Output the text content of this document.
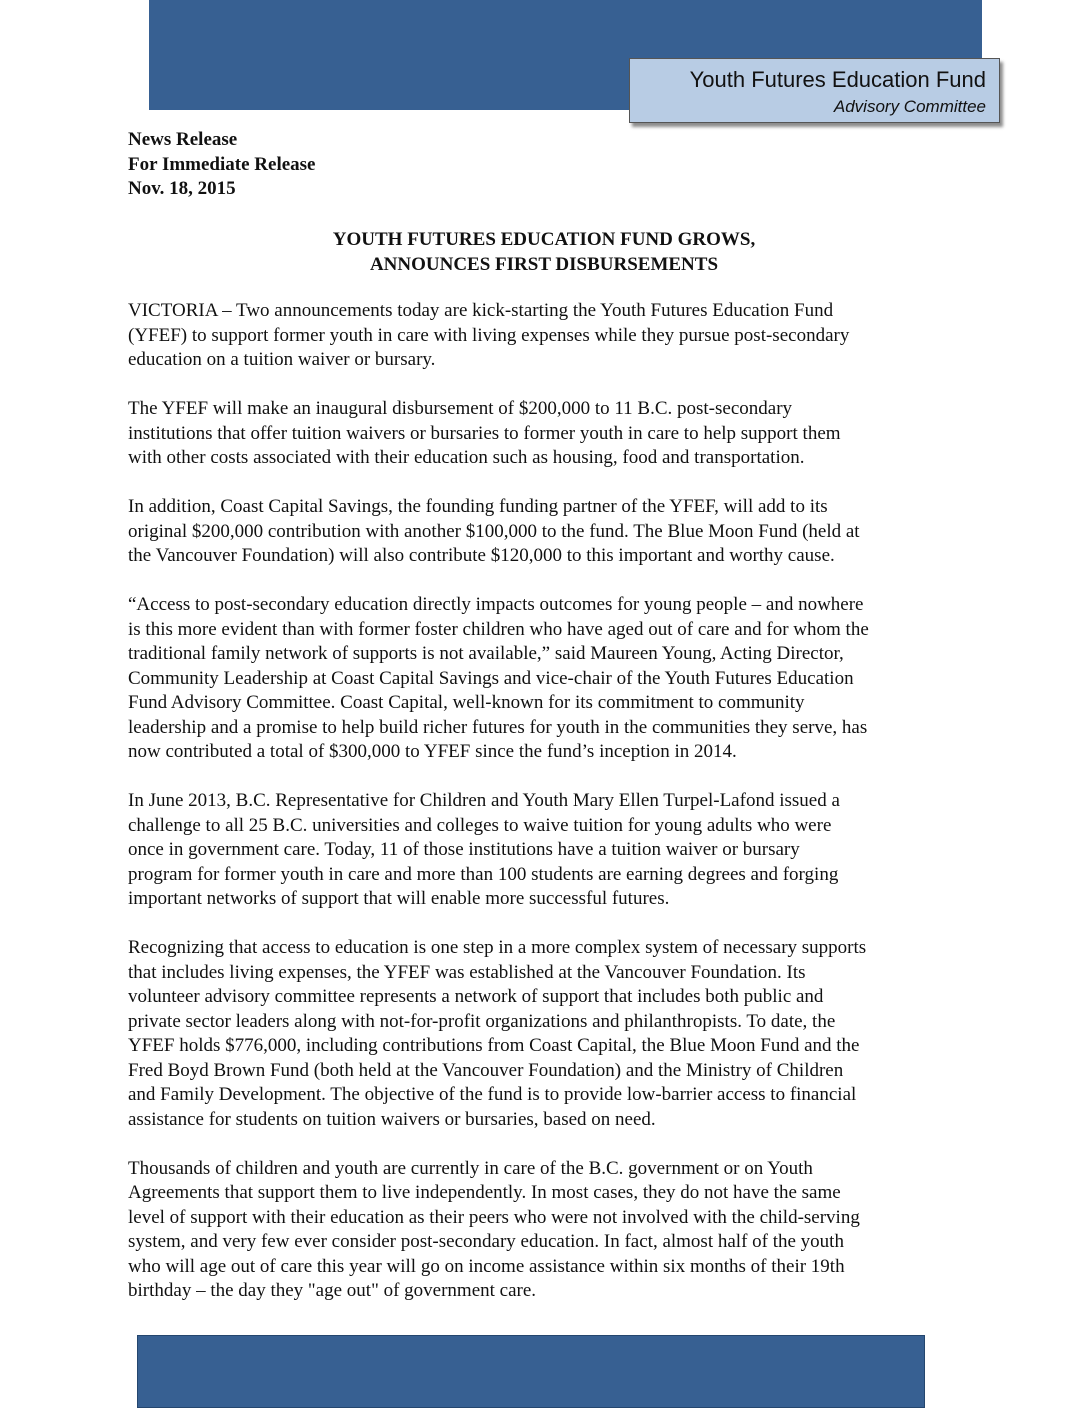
Youth Futures Education Fund
Advisory Committee
News Release
For Immediate Release
Nov. 18, 2015
YOUTH FUTURES EDUCATION FUND GROWS,
ANNOUNCES FIRST DISBURSEMENTS

VICTORIA – Two announcements today are kick-starting the Youth Futures Education Fund
(YFEF) to support former youth in care with living expenses while they pursue post-secondary
education on a tuition waiver or bursary.

The YFEF will make an inaugural disbursement of $200,000 to 11 B.C. post-secondary
institutions that offer tuition waivers or bursaries to former youth in care to help support them
with other costs associated with their education such as housing, food and transportation.

In addition, Coast Capital Savings, the founding funding partner of the YFEF, will add to its
original $200,000 contribution with another $100,000 to the fund. The Blue Moon Fund (held at
the Vancouver Foundation) will also contribute $120,000 to this important and worthy cause.

“Access to post-secondary education directly impacts outcomes for young people – and nowhere
is this more evident than with former foster children who have aged out of care and for whom the
traditional family network of supports is not available,” said Maureen Young, Acting Director,
Community Leadership at Coast Capital Savings and vice-chair of the Youth Futures Education
Fund Advisory Committee. Coast Capital, well-known for its commitment to community
leadership and a promise to help build richer futures for youth in the communities they serve, has
now contributed a total of $300,000 to YFEF since the fund’s inception in 2014.

In June 2013, B.C. Representative for Children and Youth Mary Ellen Turpel-Lafond issued a
challenge to all 25 B.C. universities and colleges to waive tuition for young adults who were
once in government care. Today, 11 of those institutions have a tuition waiver or bursary
program for former youth in care and more than 100 students are earning degrees and forging
important networks of support that will enable more successful futures.

Recognizing that access to education is one step in a more complex system of necessary supports
that includes living expenses, the YFEF was established at the Vancouver Foundation. Its
volunteer advisory committee represents a network of support that includes both public and
private sector leaders along with not-for-profit organizations and philanthropists. To date, the
YFEF holds $776,000, including contributions from Coast Capital, the Blue Moon Fund and the
Fred Boyd Brown Fund (both held at the Vancouver Foundation) and the Ministry of Children
and Family Development. The objective of the fund is to provide low-barrier access to financial
assistance for students on tuition waivers or bursaries, based on need.

Thousands of children and youth are currently in care of the B.C. government or on Youth
Agreements that support them to live independently. In most cases, they do not have the same
level of support with their education as their peers who were not involved with the child-serving
system, and very few ever consider post-secondary education. In fact, almost half of the youth
who will age out of care this year will go on income assistance within six months of their 19th
birthday – the day they "age out" of government care.
